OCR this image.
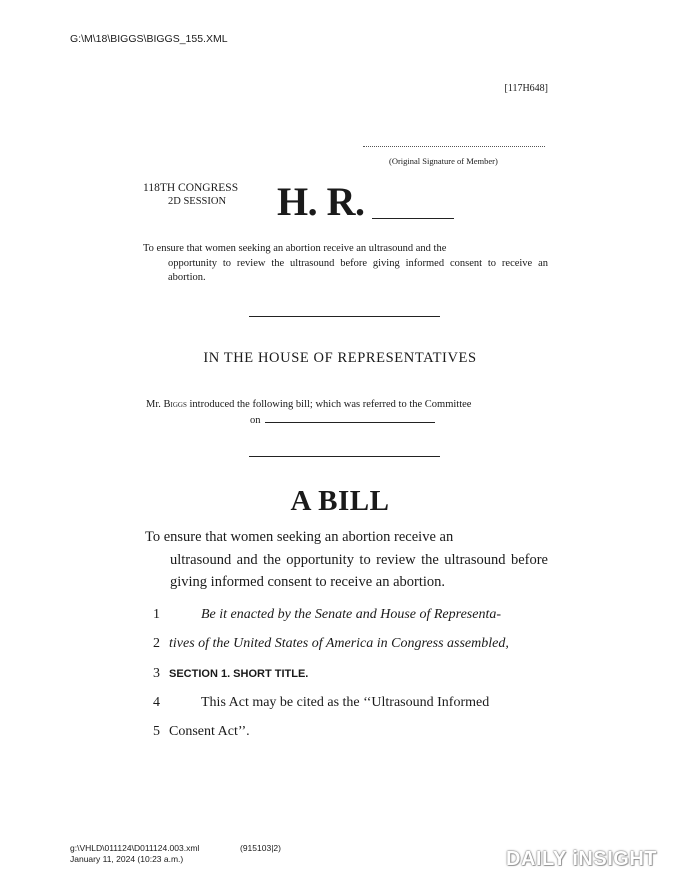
G:\M\18\BIGGS\BIGGS_155.XML
[117H648]
(Original Signature of Member)
118TH CONGRESS
2D SESSION	H. R.
To ensure that women seeking an abortion receive an ultrasound and the
opportunity to review the ultrasound before giving informed consent to receive an abortion.
IN THE HOUSE OF REPRESENTATIVES
Mr. Biggs introduced the following bill; which was referred to the Committee
on
A BILL
To ensure that women seeking an abortion receive an
ultrasound and the opportunity to review the ultrasound before giving informed consent to receive an abortion.
1
2
3
4
5
Be it enacted by the Senate and House of Representa-
tives of the United States of America in Congress assembled,
SECTION 1. SHORT TITLE.
This Act may be cited as the ‘‘Ultrasound Informed
Consent Act’’.
g:\VHLD\011124\D011124.003.xml
January 11, 2024 (10:23 a.m.)
(915103|2)	DAILY iNSIGHT
